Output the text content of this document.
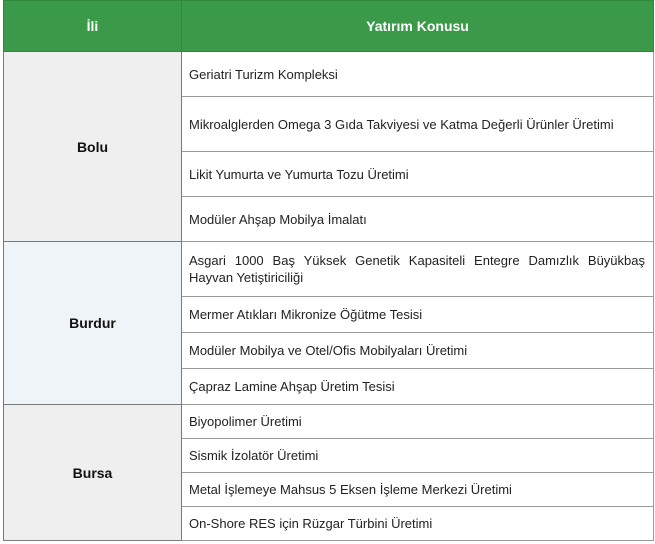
İli	Yatırım Konusu
Bolu	Geriatri Turizm Kompleksi
	Mikroalglerden Omega 3 Gıda Takviyesi ve Katma Değerli Ürünler Üretimi
	Likit Yumurta ve Yumurta Tozu Üretimi
	Modüler Ahşap Mobilya İmalatı
Burdur	Asgari 1000 Baş Yüksek Genetik Kapasiteli Entegre Damızlık Büyükbaş Hayvan Yetiştiriciliği
	Mermer Atıkları Mikronize Öğütme Tesisi
	Modüler Mobilya ve Otel/Ofis Mobilyaları Üretimi
	Çapraz Lamine Ahşap Üretim Tesisi
Bursa	Biyopolimer Üretimi
	Sismik İzolatör Üretimi
	Metal İşlemeye Mahsus 5 Eksen İşleme Merkezi Üretimi
	On-Shore RES için Rüzgar Türbini Üretimi
